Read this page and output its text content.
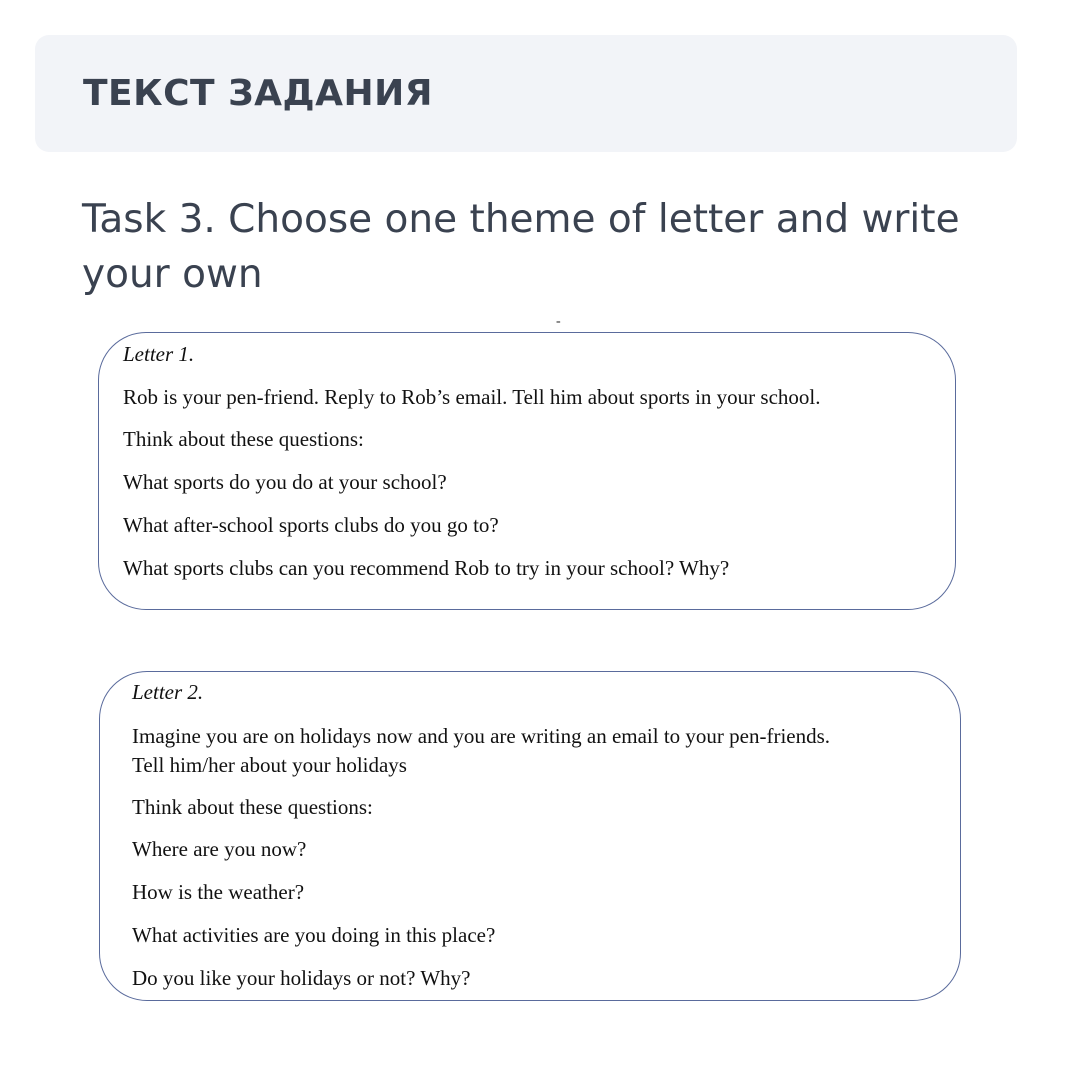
ТЕКСТ ЗАДАНИЯ

Task 3. Choose one theme of letter and write your own

-

Letter 1.

Rob is your pen-friend. Reply to Rob’s email. Tell him about sports in your school.

Think about these questions:

What sports do you do at your school?

What after-school sports clubs do you go to?

What sports clubs can you recommend Rob to try in your school? Why?

Letter 2.

Imagine you are on holidays now and you are writing an email to your pen-friends.

Tell him/her about your holidays

Think about these questions:

Where are you now?

How is the weather?

What activities are you doing in this place?

Do you like your holidays or not? Why?
